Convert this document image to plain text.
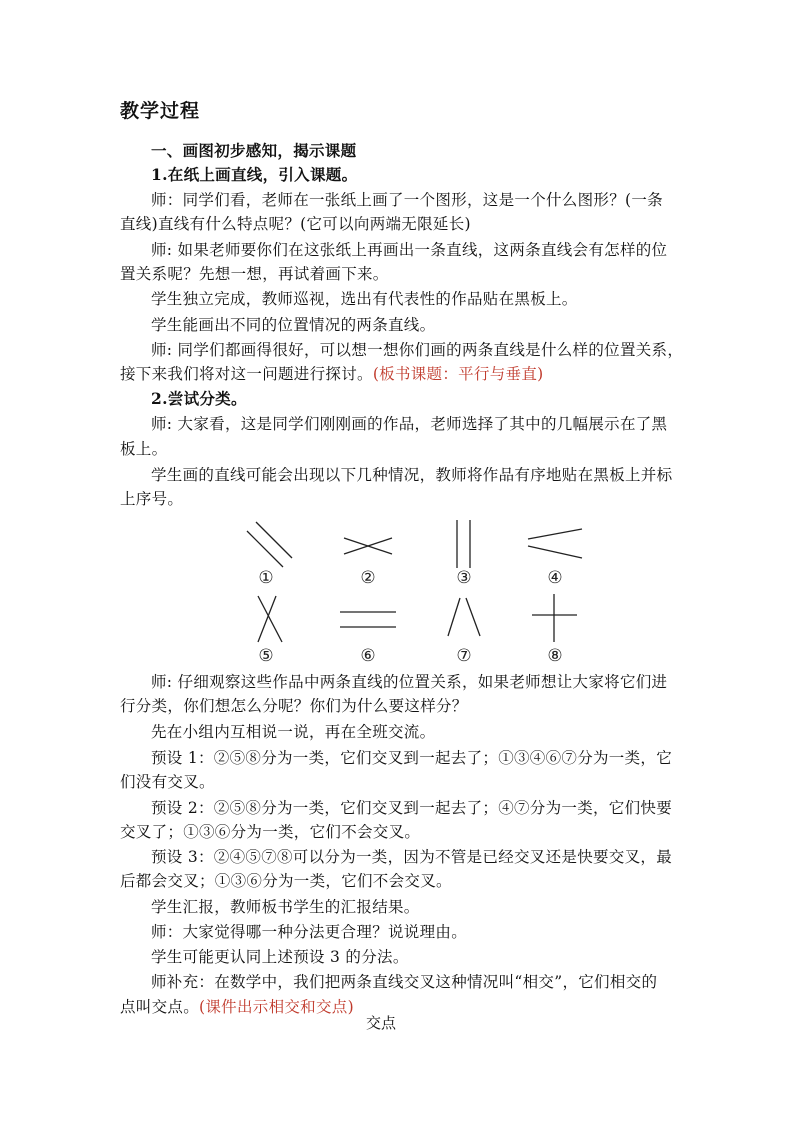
教学过程
一、画图初步感知，揭示课题
1.在纸上画直线，引入课题。
师：同学们看，老师在一张纸上画了一个图形，这是一个什么图形？(一条
直线)直线有什么特点呢？(它可以向两端无限延长)
师: 如果老师要你们在这张纸上再画出一条直线，这两条直线会有怎样的位
置关系呢？先想一想，再试着画下来。
学生独立完成，教师巡视，选出有代表性的作品贴在黑板上。
学生能画出不同的位置情况的两条直线。
师: 同学们都画得很好，可以想一想你们画的两条直线是什么样的位置关系，
接下来我们将对这一问题进行探讨。(板书课题：平行与垂直)
2.尝试分类。
师: 大家看，这是同学们刚刚画的作品，老师选择了其中的几幅展示在了黑
板上。
学生画的直线可能会出现以下几种情况，教师将作品有序地贴在黑板上并标
上序号。
①	②	③	④
⑤	⑥	⑦	⑧
师: 仔细观察这些作品中两条直线的位置关系，如果老师想让大家将它们进
行分类，你们想怎么分呢？你们为什么要这样分？
先在小组内互相说一说，再在全班交流。
预设 1：②⑤⑧分为一类，它们交叉到一起去了；①③④⑥⑦分为一类，它
们没有交叉。
预设 2：②⑤⑧分为一类，它们交叉到一起去了；④⑦分为一类，它们快要
交叉了；①③⑥分为一类，它们不会交叉。
预设 3：②④⑤⑦⑧可以分为一类，因为不管是已经交叉还是快要交叉，最
后都会交叉；①③⑥分为一类，它们不会交叉。
学生汇报，教师板书学生的汇报结果。
师：大家觉得哪一种分法更合理？说说理由。
学生可能更认同上述预设 3 的分法。
师补充：在数学中，我们把两条直线交叉这种情况叫“相交”，它们相交的
点叫交点。(课件出示相交和交点)
交点
